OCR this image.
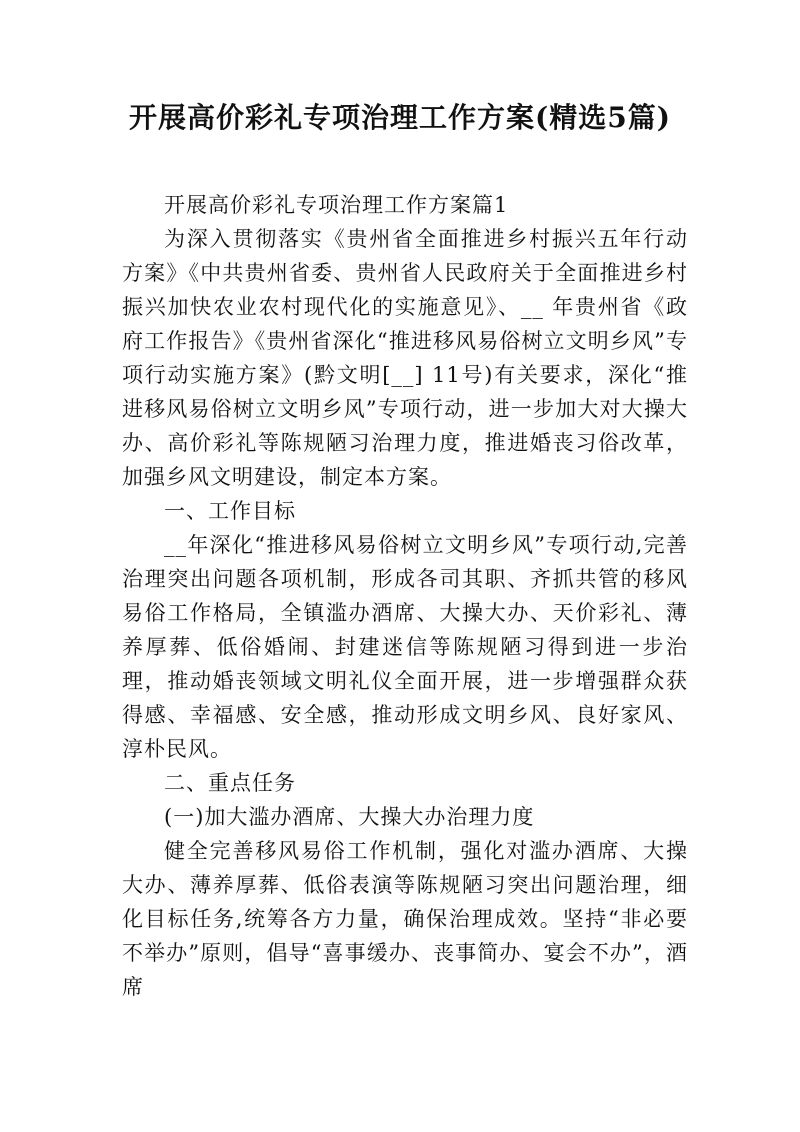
开展高价彩礼专项治理工作方案(精选5篇)

开展高价彩礼专项治理工作方案篇1

为深入贯彻落实《贵州省全面推进乡村振兴五年行动方案》《中共贵州省委、贵州省人民政府关于全面推进乡村振兴加快农业农村现代化的实施意见》、__ 年贵州省《政府工作报告》《贵州省深化“推进移风易俗树立文明乡风”专项行动实施方案》(黔文明[__] 11号)有关要求，深化“推进移风易俗树立文明乡风”专项行动，进一步加大对大操大办、高价彩礼等陈规陋习治理力度，推进婚丧习俗改革，加强乡风文明建设，制定本方案。

一、工作目标

__年深化“推进移风易俗树立文明乡风”专项行动,完善治理突出问题各项机制，形成各司其职、齐抓共管的移风易俗工作格局，全镇滥办酒席、大操大办、天价彩礼、薄养厚葬、低俗婚闹、封建迷信等陈规陋习得到进一步治理，推动婚丧领域文明礼仪全面开展，进一步增强群众获得感、幸福感、安全感，推动形成文明乡风、良好家风、淳朴民风。

二、重点任务

(一)加大滥办酒席、大操大办治理力度

健全完善移风易俗工作机制，强化对滥办酒席、大操大办、薄养厚葬、低俗表演等陈规陋习突出问题治理，细化目标任务,统筹各方力量，确保治理成效。坚持“非必要不举办”原则，倡导“喜事缓办、丧事简办、宴会不办”，酒席
